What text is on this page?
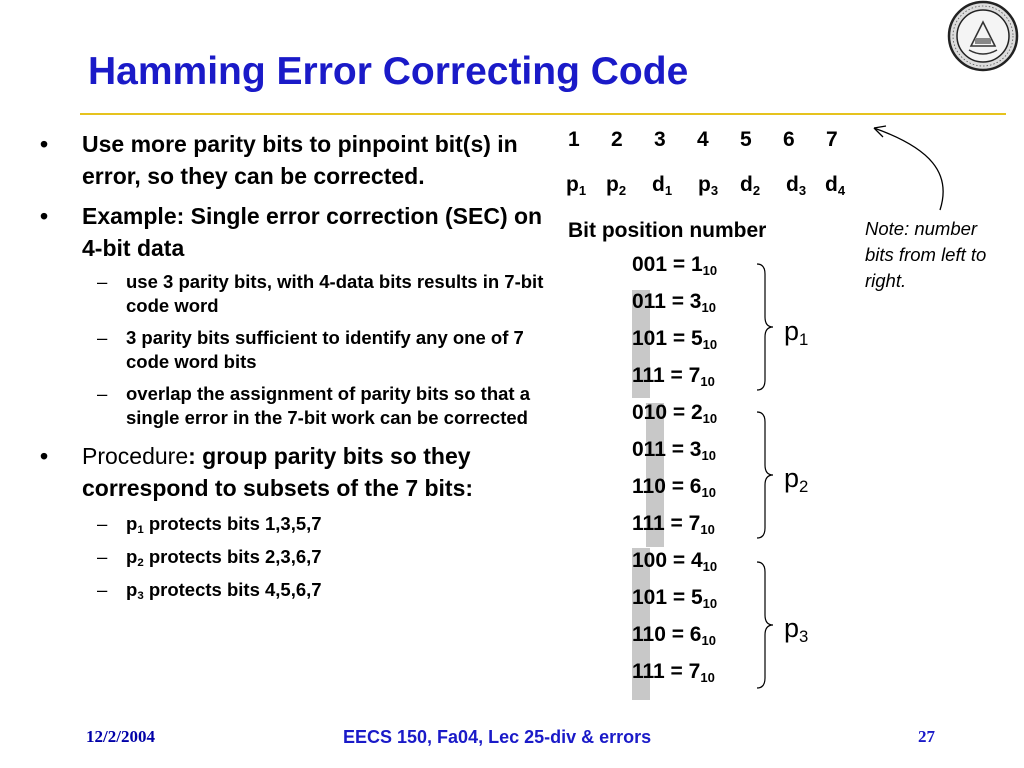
Hamming Error Correcting Code
• Use more parity bits to pinpoint bit(s) in error, so they can be corrected.
• Example: Single error correction (SEC) on 4-bit data
– use 3 parity bits, with 4-data bits results in 7-bit code word
– 3 parity bits sufficient to identify any one of 7 code word bits
– overlap the assignment of parity bits so that a single error in the 7-bit work can be corrected
• Procedure: group parity bits so they correspond to subsets of the 7 bits:
– $p_1$ protects bits 1,3,5,7
– $p_2$ protects bits 2,3,6,7
– $p_3$ protects bits 4,5,6,7
1 2 3 4 5 6 7
$p_1$ $p_2$ $d_1$ $p_3$ $d_2$ $d_3$ $d_4$
Bit position number	Note: number bits from left to right.
$001 = 1_{10}$
$011 = 3_{10}$
$101 = 5_{10}$
$111 = 7_{10}$
$010 = 2_{10}$
$011 = 3_{10}$
$110 = 6_{10}$
$111 = 7_{10}$
$100 = 4_{10}$
$101 = 5_{10}$
$110 = 6_{10}$
$111 = 7_{10}$
$p_1$
$p_2$
$p_3$
12/2/2004	EECS 150, Fa04, Lec 25-div & errors	27
